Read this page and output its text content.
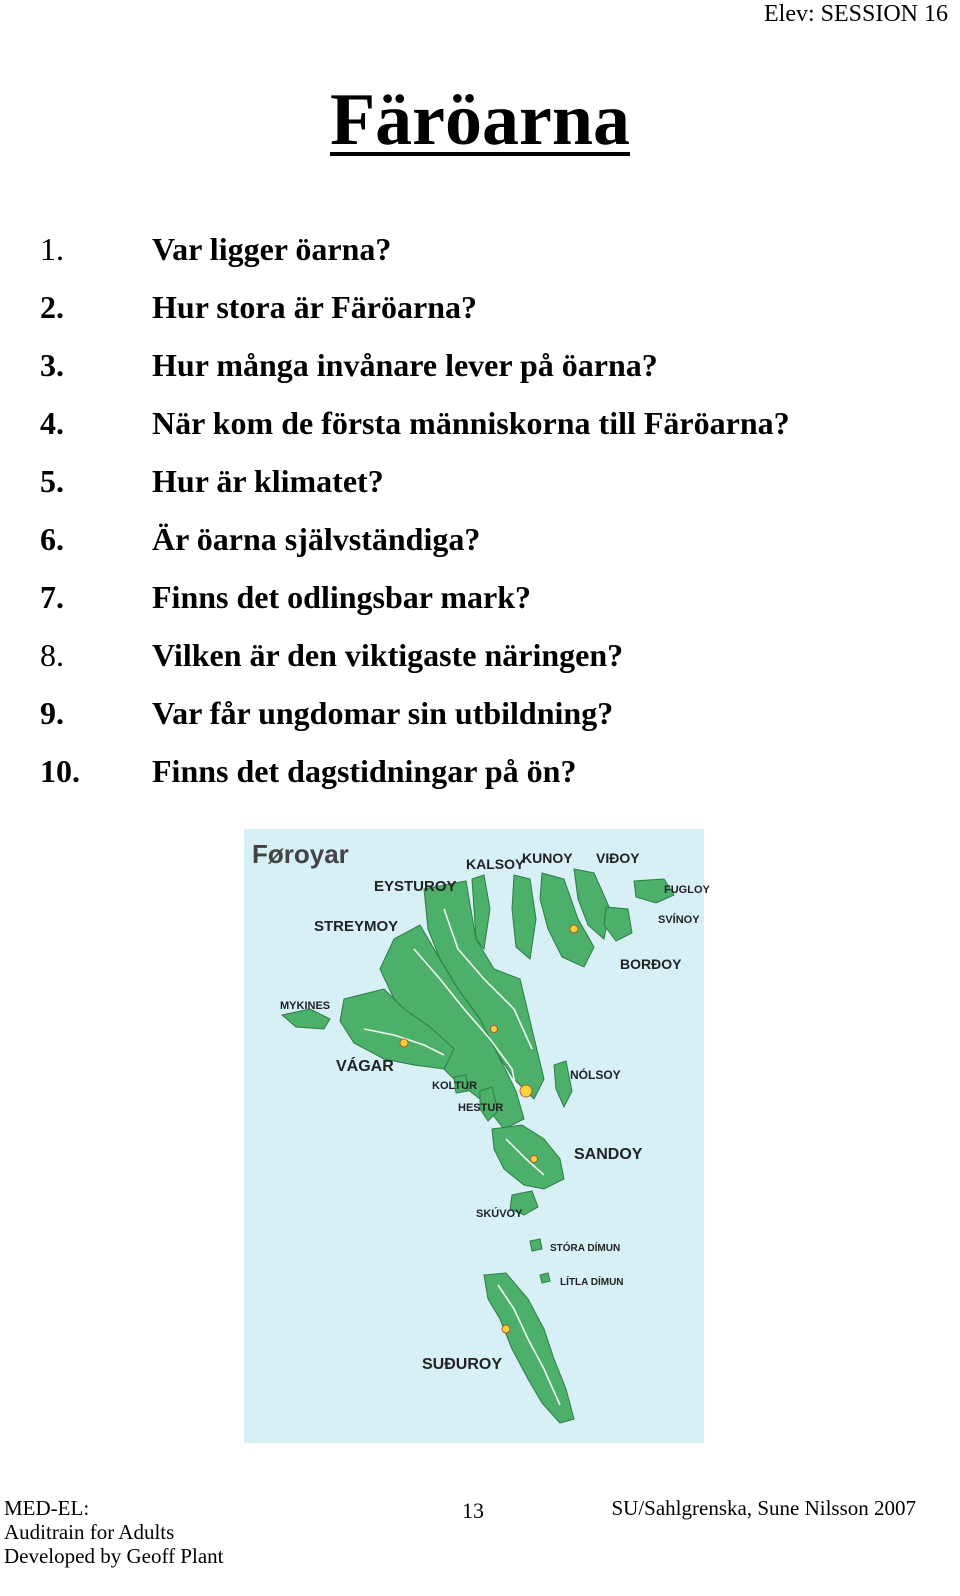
Elev: SESSION 16
Färöarna
1.	Var ligger öarna?
2.	Hur stora är Färöarna?
3.	Hur många invånare lever på öarna?
4.	När kom de första människorna till Färöarna?
5.	Hur är klimatet?
6.	Är öarna självständiga?
7.	Finns det odlingsbar mark?
8.	Vilken är den viktigaste näringen?
9.	Var får ungdomar sin utbildning?
10.	Finns det dagstidningar på ön?
Føroyar	KALSOY
KUNOY VIÐOY
EYSTUROY	FUGLOY
STREYMOY	SVÍNOY
BORÐOY
MYKINES
VÁGAR	NÓLSOY
KOLTUR
HESTUR
SANDOY
SKÚVOY
STÓRA DÍMUN
LÍTLA DÍMUN
SUÐUROY
MED-EL:
Auditrain for Adults
Developed by Geoff Plant
13	SU/Sahlgrenska, Sune Nilsson 2007
